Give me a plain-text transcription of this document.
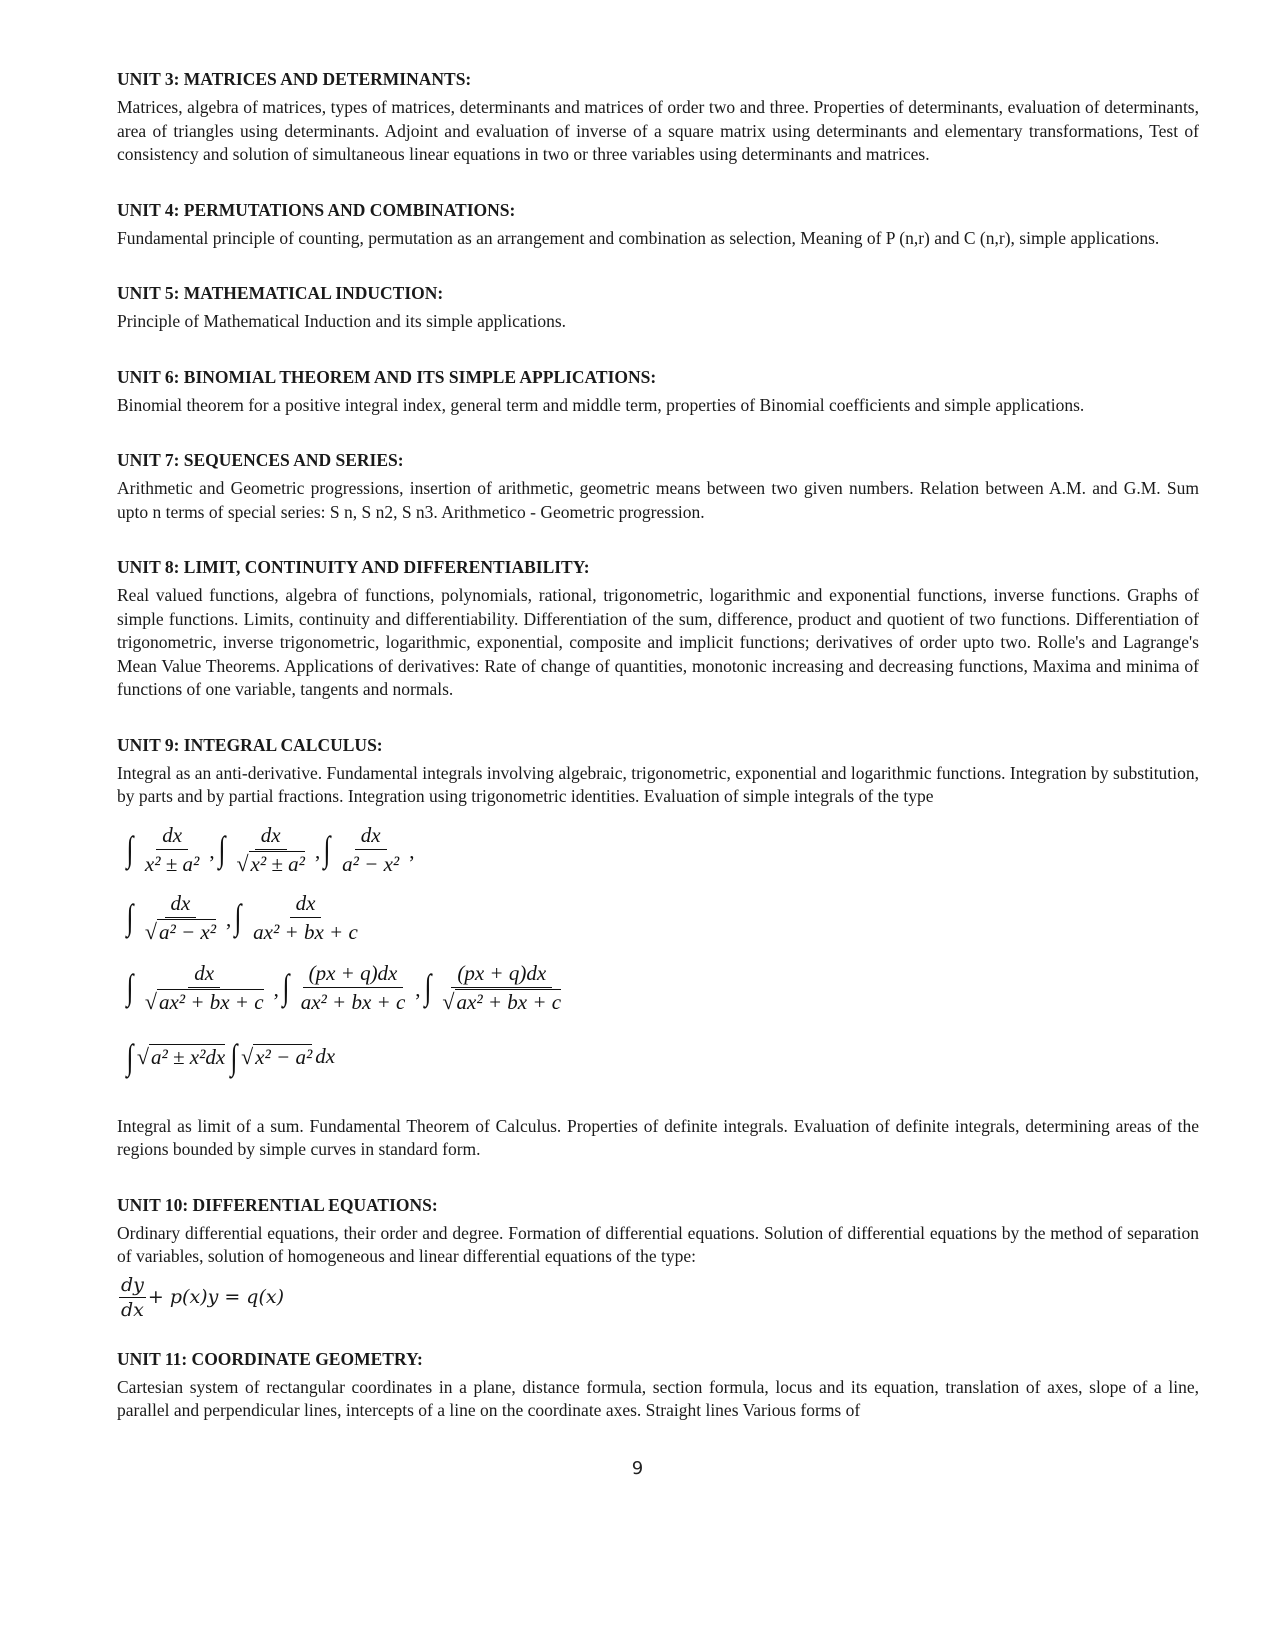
UNIT 3: MATRICES AND DETERMINANTS:

Matrices, algebra of matrices, types of matrices, determinants and matrices of order two and three. Properties of determinants, evaluation of determinants, area of triangles using determinants. Adjoint and evaluation of inverse of a square matrix using determinants and elementary transformations, Test of consistency and solution of simultaneous linear equations in two or three variables using determinants and matrices.

UNIT 4: PERMUTATIONS AND COMBINATIONS:

Fundamental principle of counting, permutation as an arrangement and combination as selection, Meaning of P (n,r) and C (n,r), simple applications.

UNIT 5: MATHEMATICAL INDUCTION:

Principle of Mathematical Induction and its simple applications.

UNIT 6: BINOMIAL THEOREM AND ITS SIMPLE APPLICATIONS:

Binomial theorem for a positive integral index, general term and middle term, properties of Binomial coefficients and simple applications.

UNIT 7: SEQUENCES AND SERIES:

Arithmetic and Geometric progressions, insertion of arithmetic, geometric means between two given numbers. Relation between A.M. and G.M. Sum upto n terms of special series: S n, S n2, S n3. Arithmetico - Geometric progression.

UNIT 8: LIMIT, CONTINUITY AND DIFFERENTIABILITY:

Real valued functions, algebra of functions, polynomials, rational, trigonometric, logarithmic and exponential functions, inverse functions. Graphs of simple functions. Limits, continuity and differentiability. Differentiation of the sum, difference, product and quotient of two functions. Differentiation of trigonometric, inverse trigonometric, logarithmic, exponential, composite and implicit functions; derivatives of order upto two. Rolle's and Lagrange's Mean Value Theorems. Applications of derivatives: Rate of change of quantities, monotonic increasing and decreasing functions, Maxima and minima of functions of one variable, tangents and normals.

UNIT 9: INTEGRAL CALCULUS:

Integral as an anti-derivative. Fundamental integrals involving algebraic, trigonometric, exponential and logarithmic functions. Integration by substitution, by parts and by partial fractions. Integration using trigonometric identities. Evaluation of simple integrals of the type

∫ $\frac{dx}{\text{x² ± a²}}$ , ∫ $\frac{dx}{\text{√x² ± a²}}$ , ∫ $\frac{dx}{\text{a² − x²}}$ ,
∫ $\frac{dx}{\text{√a² − x²}}$ , ∫ $\frac{dx}{\text{ax² + bx + c}}$
∫ $\frac{dx}{\text{√ax² + bx + c}}$ , ∫ $\frac{(px + q)dx}{\text{ax² + bx + c}}$ , ∫ $\frac{(px + q)dx}{\text{√ax² + bx + c}}$
∫ √ a² ± x²dx ∫ √ x² − a² dx

Integral as limit of a sum. Fundamental Theorem of Calculus. Properties of definite integrals. Evaluation of definite integrals, determining areas of the regions bounded by simple curves in standard form.

UNIT 10: DIFFERENTIAL EQUATIONS:

Ordinary differential equations, their order and degree. Formation of differential equations. Solution of differential equations by the method of separation of variables, solution of homogeneous and linear differential equations of the type:

$\frac{dy}{dx} + p(x)y = q(x)$
UNIT 11: COORDINATE GEOMETRY:

Cartesian system of rectangular coordinates in a plane, distance formula, section formula, locus and its equation, translation of axes, slope of a line, parallel and perpendicular lines, intercepts of a line on the coordinate axes. Straight lines Various forms of

9
